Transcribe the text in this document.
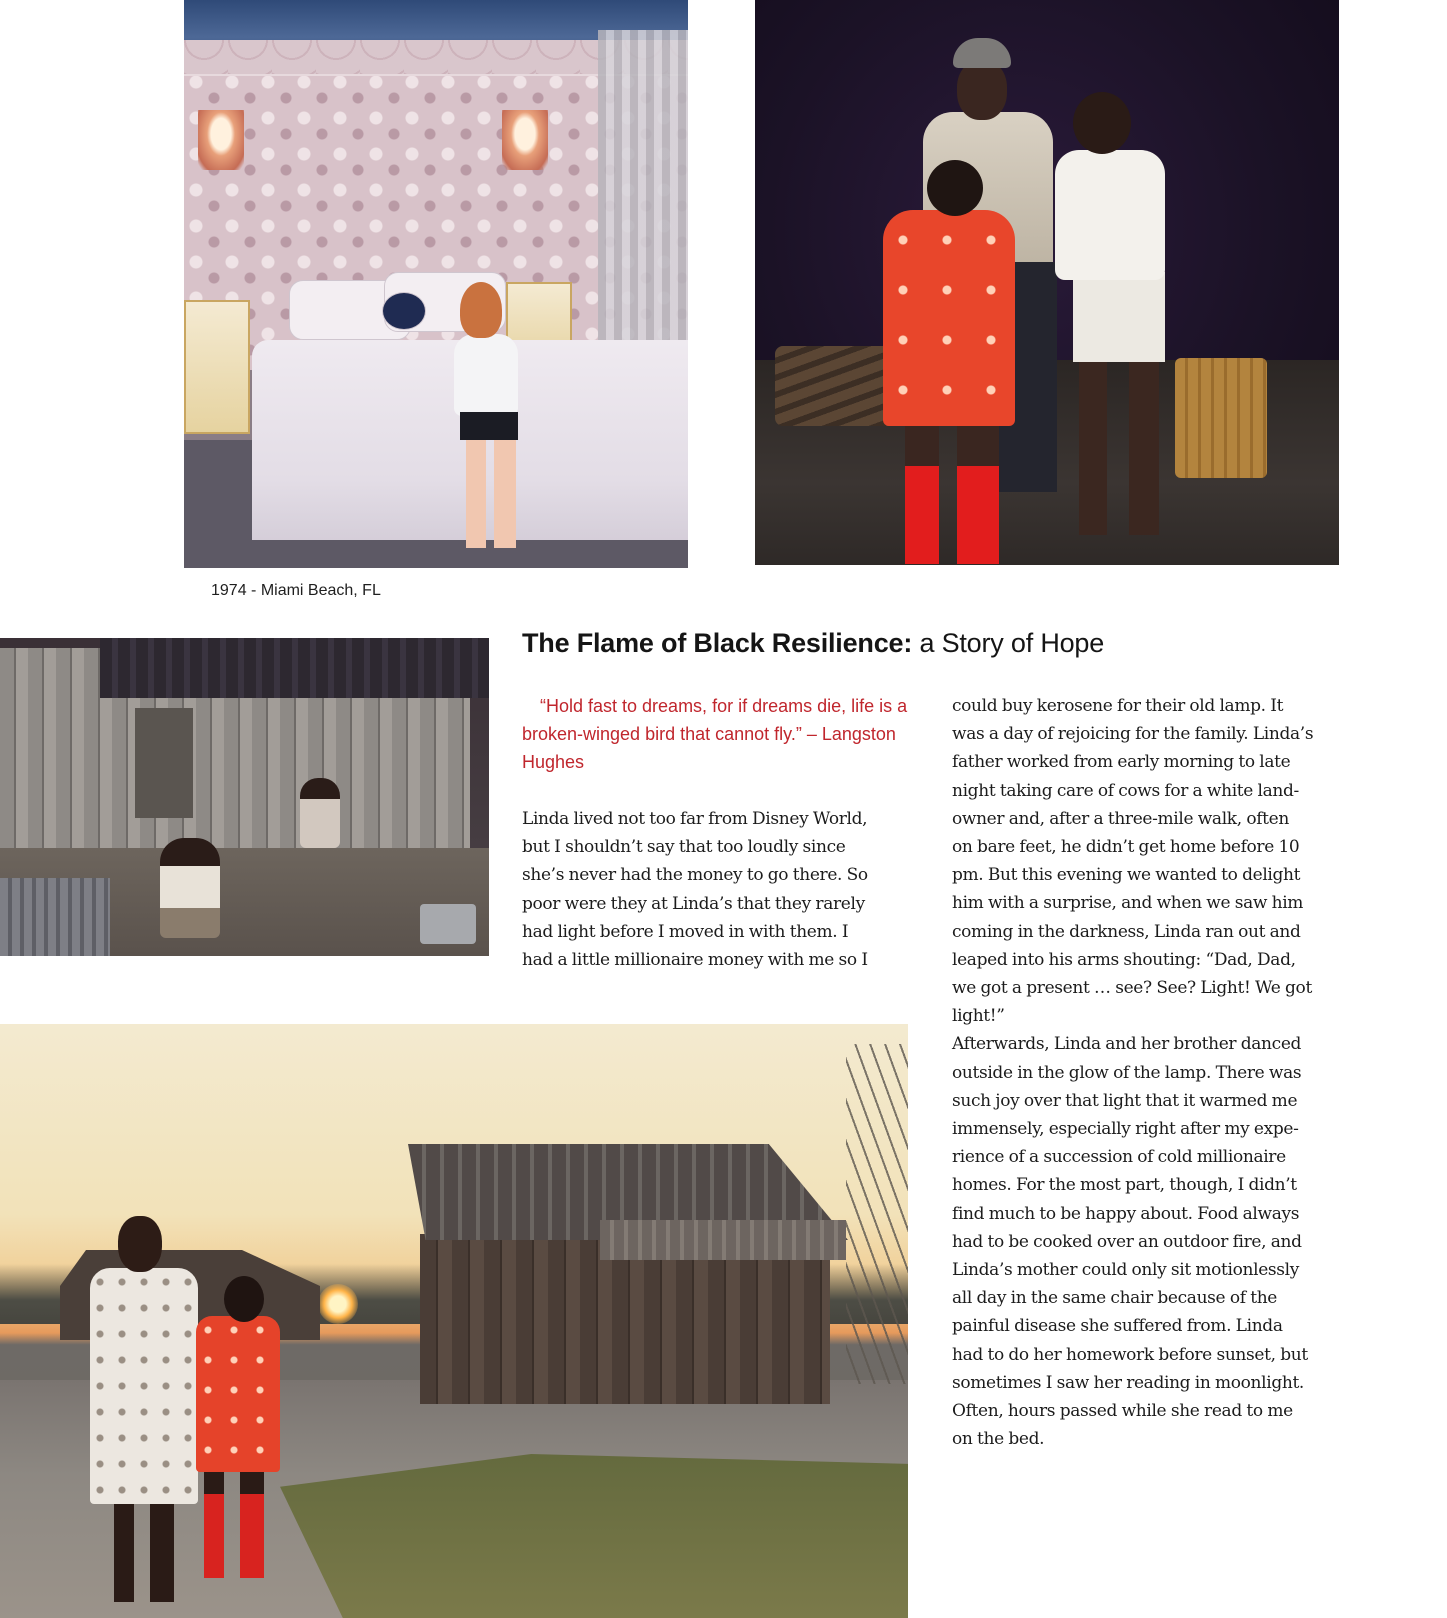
1974 - Miami Beach, FL
The Flame of Black Resilience: a Story of Hope
“Hold fast to dreams, for if dreams die, life is a broken-winged bird that cannot fly.” – Langston Hughes
Linda lived not too far from Disney World,
but I shouldn’t say that too loudly since
she’s never had the money to go there. So
poor were they at Linda’s that they rarely
had light before I moved in with them. I
had a little millionaire money with me so I
could buy kerosene for their old lamp. It
was a day of rejoicing for the family. Linda’s
father worked from early morning to late
night taking care of cows for a white land-
owner and, after a three-mile walk, often
on bare feet, he didn’t get home before 10
pm. But this evening we wanted to delight
him with a surprise, and when we saw him
coming in the darkness, Linda ran out and
leaped into his arms shouting: “Dad, Dad,
we got a present … see? See? Light! We got
light!”
Afterwards, Linda and her brother danced
outside in the glow of the lamp. There was
such joy over that light that it warmed me
immensely, especially right after my expe-
rience of a succession of cold millionaire
homes. For the most part, though, I didn’t
find much to be happy about. Food always
had to be cooked over an outdoor fire, and
Linda’s mother could only sit motionlessly
all day in the same chair because of the
painful disease she suffered from. Linda
had to do her homework before sunset, but
sometimes I saw her reading in moonlight.
Often, hours passed while she read to me
on the bed.
